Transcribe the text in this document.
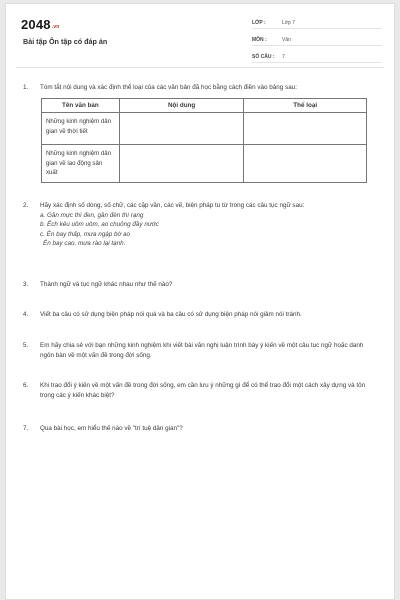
2048.vn
Bài tập Ôn tập có đáp án
LỚP :	Lớp 7
MÔN :	Văn
SỐ CÂU :	7
1. Tóm tắt nội dung và xác định thể loại của các văn bản đã học bằng cách điền vào bảng sau:
Tên văn bản	Nội dung	Thể loại
Những kinh nghiệm dân gian về thời tiết		
Những kinh nghiệm dân gian về lao động sản xuất		
2. Hãy xác định số dòng, số chữ, các cặp vần, các vế, biện pháp tu từ trong các câu tục ngữ sau:
a. Gần mực thì đen, gần đèn thì rạng
b. Ếch kêu uôm uôm, ao chuông đầy nước
c. Én bay thấp, mưa ngập bờ ao
Én bay cao, mưa rào lại tạnh.
3. Thành ngữ và tục ngữ khác nhau như thế nào?
4. Viết ba câu có sử dụng biện pháp nói quá và ba câu có sử dụng biện pháp nói giảm nói tránh.
5. Em hãy chia sẻ với bạn những kinh nghiệm khi viết bài văn nghị luận trình bày ý kiến về một câu tục ngữ hoặc danh ngôn bàn về một vấn đề trong đời sống.
6. Khi trao đổi ý kiến về một vấn đề trong đời sống, em cần lưu ý những gì để có thể trao đổi một cách xây dựng và tôn trọng các ý kiến khác biệt?
7. Qua bài học, em hiểu thế nào về "trí tuệ dân gian"?
